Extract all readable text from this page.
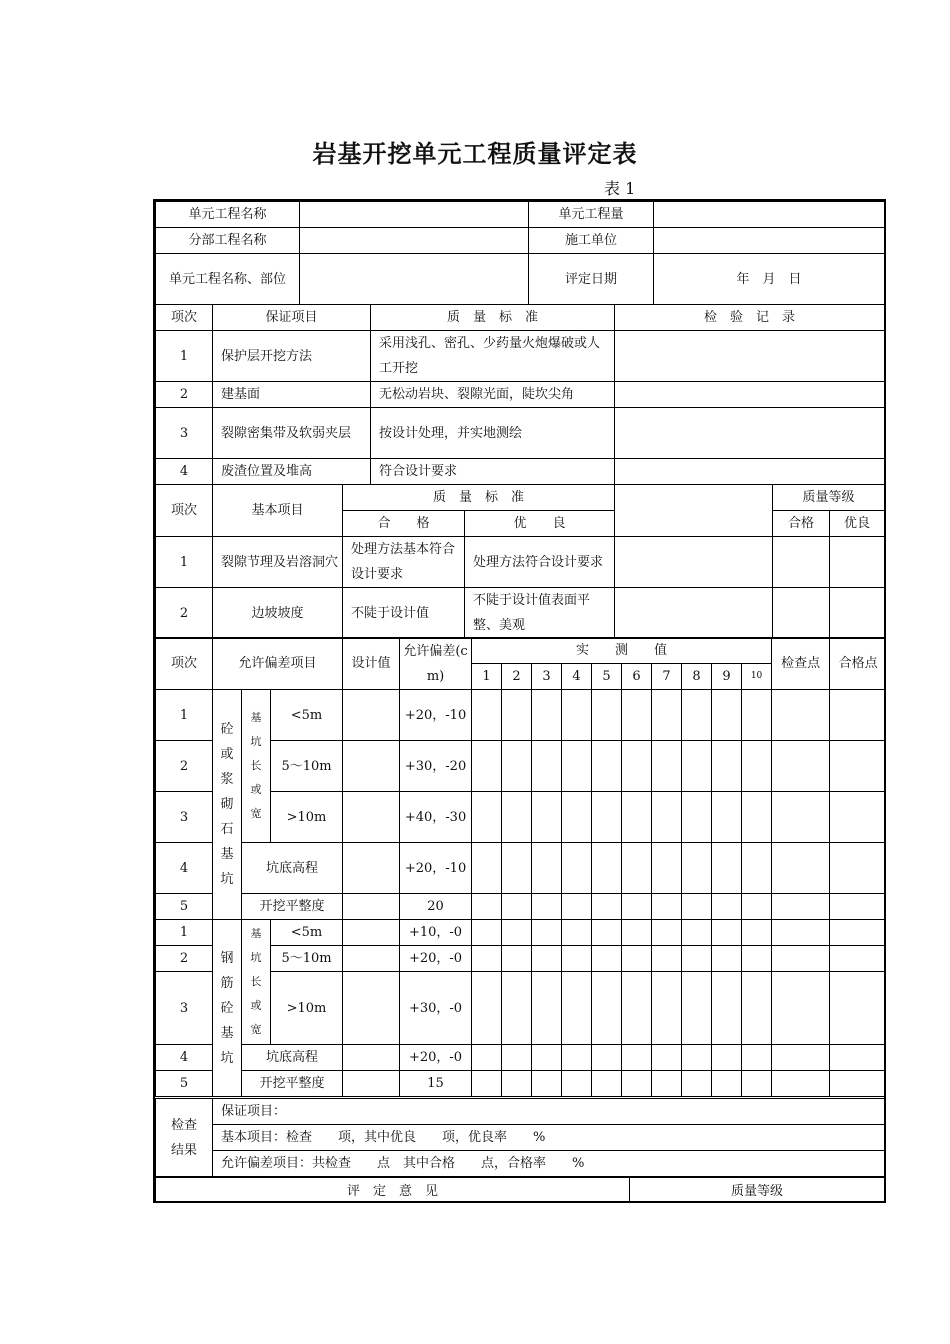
岩基开挖单元工程质量评定表
表 1
单元工程名称		单元工程量	
分部工程名称		施工单位	
单元工程名称、部位		评定日期	年　月　日
项次	保证项目	质　量　标　准	检　验　记　录
1	保护层开挖方法	采用浅孔、密孔、少药量火炮爆破或人工开挖	
2	建基面	无松动岩块、裂隙光面，陡坎尖角	
3	裂隙密集带及软弱夹层	按设计处理，并实地测绘	
4	废渣位置及堆高	符合设计要求	
项次	基本项目	质　量　标　准			质量等级	
		合　　格	优　　良		合格	优良
1	裂隙节理及岩溶洞穴	处理方法基本符合设计要求	处理方法符合设计要求			
2	边坡坡度	不陡于设计值	不陡于设计值表面平整、美观			
项次	允许偏差项目			设计值	允许偏差(cm)	实　　测　　值										检查点	合格点
						1	2	3	4	5	6	7	8	9	10		
1	砼或浆砌石基坑	基坑长或宽	<5m		+20，-10												
2			5～10m		+30，-20												
3			>10m		+40，-30												
4		坑底高程			+20，-10												
5		开挖平整度			20												
1	钢筋砼基坑	基坑长或宽	<5m		+10，-0												
2			5～10m		+20，-0												
3			>10m		+30，-0												
4		坑底高程			+20，-0												
5		开挖平整度			15												
检查结果	保证项目：
基本项目：检查　　项，其中优良　　项，优良率　　%
允许偏差项目：共检查　　点　其中合格　　点，合格率　　%
评　定　意　见	质量等级
